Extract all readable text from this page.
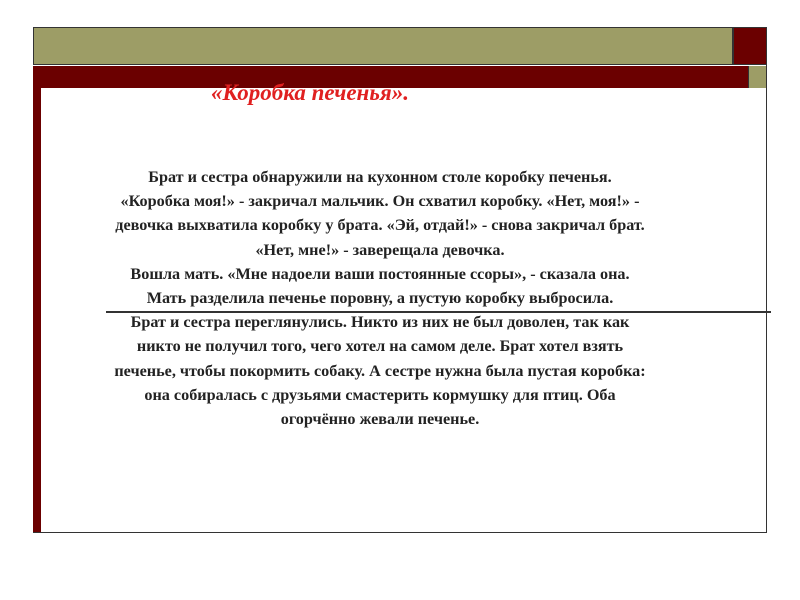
«Коробка печенья».
Брат и сестра обнаружили на кухонном столе коробку печенья.
«Коробка моя!» - закричал мальчик. Он схватил коробку. «Нет, моя!» -
девочка выхватила коробку у брата. «Эй, отдай!» - снова закричал брат.
«Нет, мне!» - заверещала девочка.
Вошла мать. «Мне надоели ваши постоянные ссоры», - сказала она.
Мать разделила печенье поровну, а пустую коробку выбросила.
Брат и сестра переглянулись. Никто из них не был доволен, так как
никто не получил того, чего хотел на самом деле. Брат хотел взять
печенье, чтобы покормить собаку. А сестре нужна была пустая коробка:
она собиралась с друзьями смастерить кормушку для птиц. Оба
огорчённо жевали печенье.
